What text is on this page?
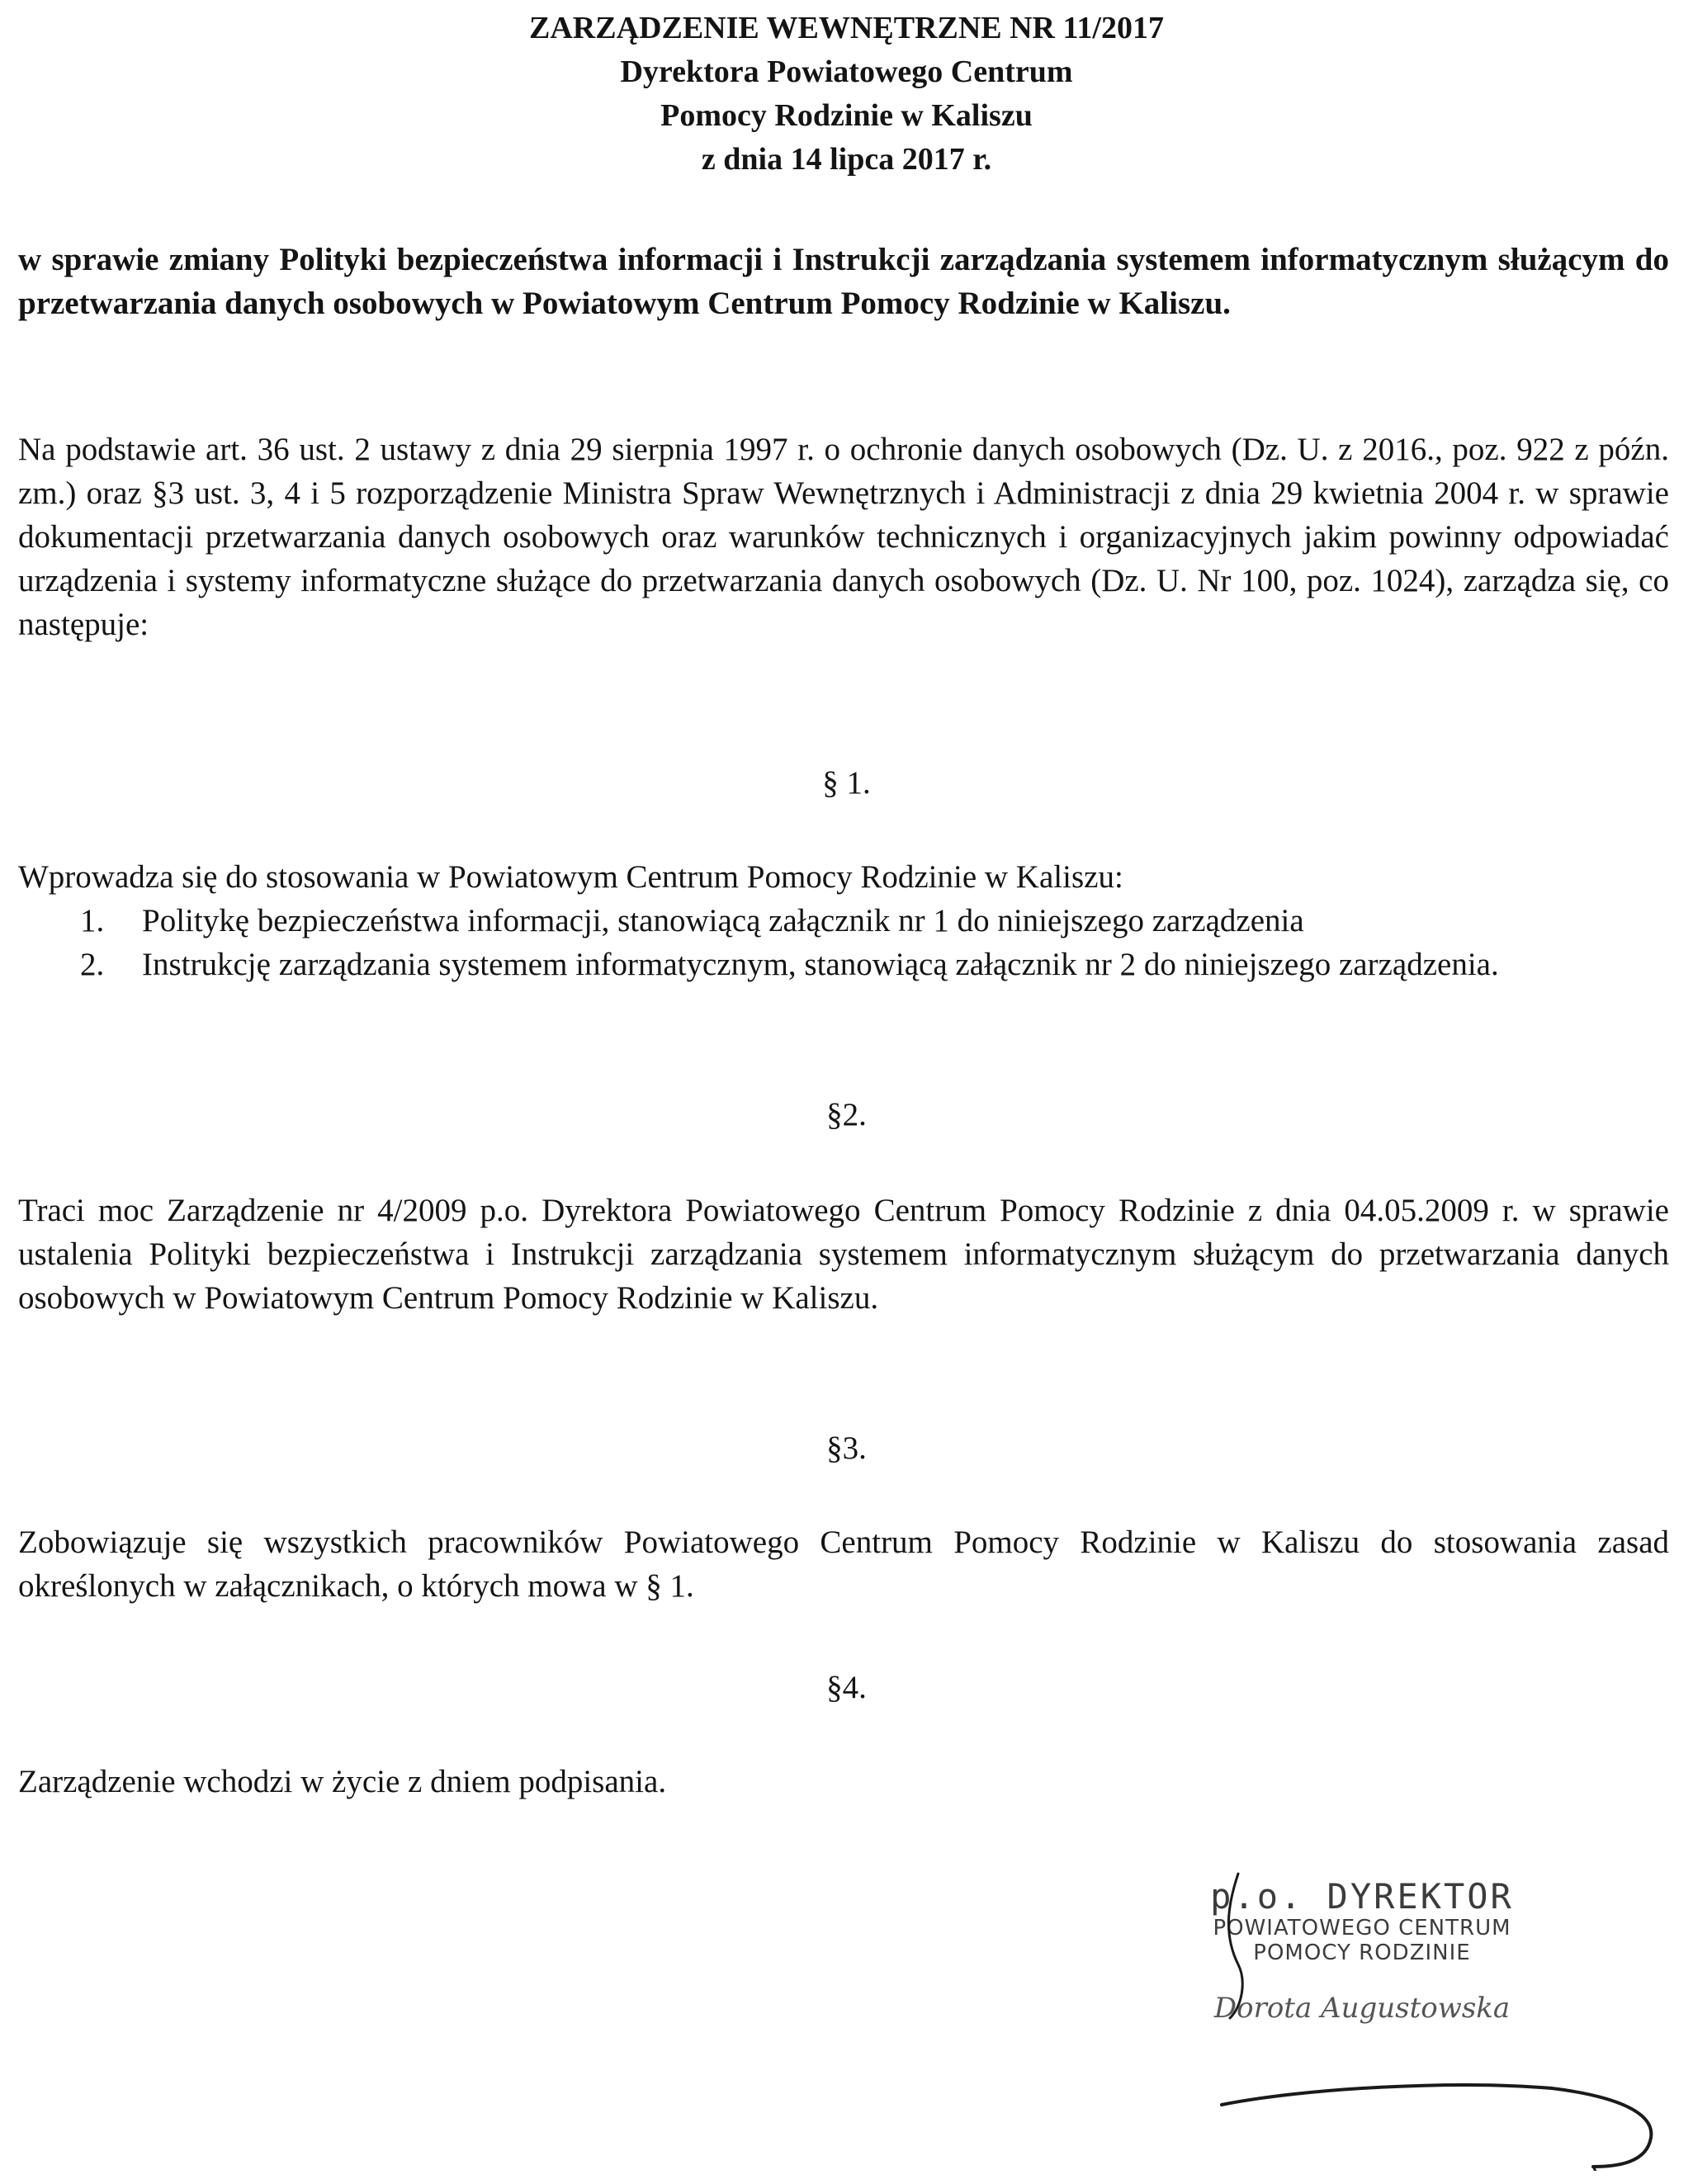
ZARZĄDZENIE WEWNĘTRZNE NR 11/2017
Dyrektora Powiatowego Centrum
Pomocy Rodzinie w Kaliszu
z dnia 14 lipca 2017 r.
w sprawie zmiany Polityki bezpieczeństwa informacji i Instrukcji zarządzania systemem informatycznym służącym do przetwarzania danych osobowych w Powiatowym Centrum Pomocy Rodzinie w Kaliszu.
Na podstawie art. 36 ust. 2 ustawy z dnia 29 sierpnia 1997 r. o ochronie danych osobowych (Dz. U. z 2016., poz. 922 z późn. zm.) oraz §3 ust. 3, 4 i 5 rozporządzenie Ministra Spraw Wewnętrznych i Administracji z dnia 29 kwietnia 2004 r. w sprawie dokumentacji przetwarzania danych osobowych oraz warunków technicznych i organizacyjnych jakim powinny odpowiadać urządzenia i systemy informatyczne służące do przetwarzania danych osobowych (Dz. U. Nr 100, poz. 1024), zarządza się, co następuje:
§ 1.
Wprowadza się do stosowania w Powiatowym Centrum Pomocy Rodzinie w Kaliszu:
1. Politykę bezpieczeństwa informacji, stanowiącą załącznik nr 1 do niniejszego zarządzenia
2. Instrukcję zarządzania systemem informatycznym, stanowiącą załącznik nr 2 do niniejszego zarządzenia.
§2.
Traci moc Zarządzenie nr 4/2009 p.o. Dyrektora Powiatowego Centrum Pomocy Rodzinie z dnia 04.05.2009 r. w sprawie ustalenia Polityki bezpieczeństwa i Instrukcji zarządzania systemem informatycznym służącym do przetwarzania danych osobowych w Powiatowym Centrum Pomocy Rodzinie w Kaliszu.
§3.
Zobowiązuje się wszystkich pracowników Powiatowego Centrum Pomocy Rodzinie w Kaliszu do stosowania zasad określonych w załącznikach, o których mowa w § 1.
§4.
Zarządzenie wchodzi w życie z dniem podpisania.
p.o. DYREKTOR
POWIATOWEGO CENTRUM
POMOCY RODZINIE
Dorota Augustowska
